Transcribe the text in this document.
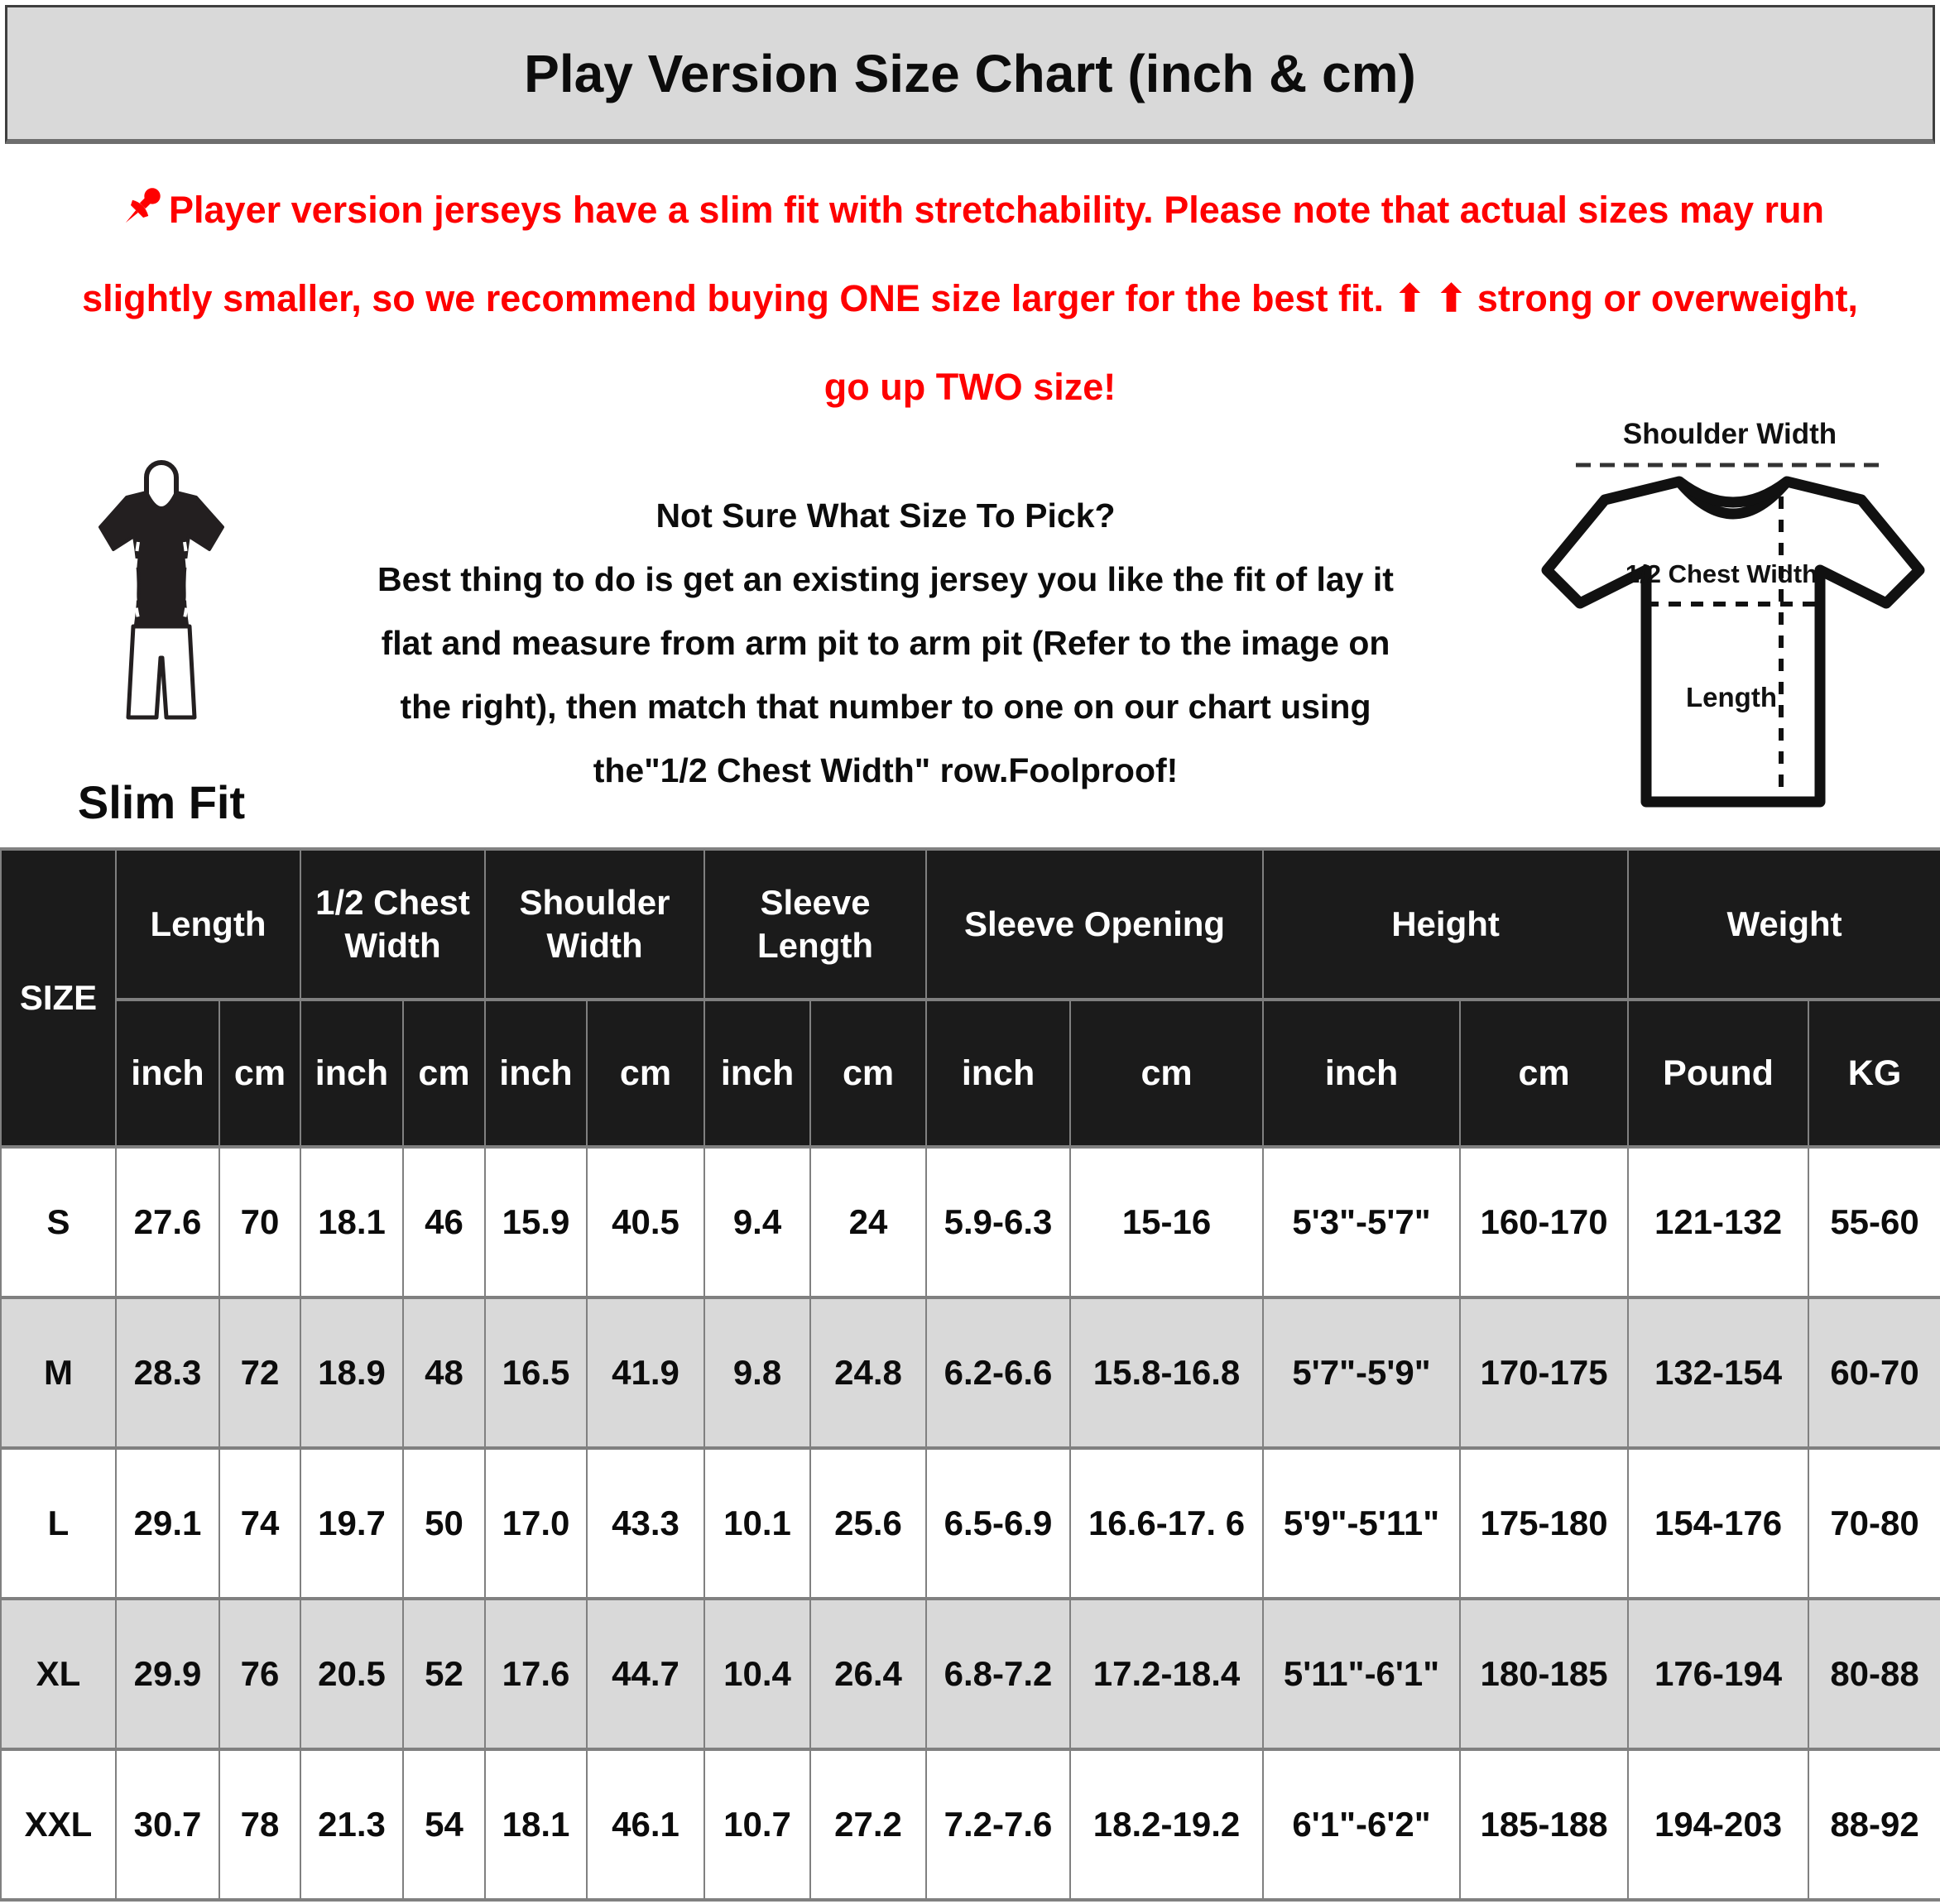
Play Version Size Chart (inch & cm)
Player version jerseys have a slim fit with stretchability. Please note that actual sizes may run
slightly smaller, so we recommend buying ONE size larger for the best fit. ⬆ ⬆ strong or overweight,
go up TWO size!
Slim Fit
Not Sure What Size To Pick?
Best thing to do is get an existing jersey you like the fit of lay it
flat and measure from arm pit to arm pit (Refer to the image on
the right), then match that number to one on our chart using
the"1/2 Chest Width" row.Foolproof!
Shoulder Width
1/2 Chest Width
Length
SIZE	Length		1/2 Chest Width		Shoulder Width		Sleeve Length		Sleeve Opening		Height		Weight	
	inch	cm	inch	cm	inch	cm	inch	cm	inch	cm	inch	cm	Pound	KG
S	27.6	70	18.1	46	15.9	40.5	9.4	24	5.9-6.3	15-16	5'3"-5'7"	160-170	121-132	55-60
M	28.3	72	18.9	48	16.5	41.9	9.8	24.8	6.2-6.6	15.8-16.8	5'7"-5'9"	170-175	132-154	60-70
L	29.1	74	19.7	50	17.0	43.3	10.1	25.6	6.5-6.9	16.6-17. 6	5'9"-5'11"	175-180	154-176	70-80
XL	29.9	76	20.5	52	17.6	44.7	10.4	26.4	6.8-7.2	17.2-18.4	5'11"-6'1"	180-185	176-194	80-88
XXL	30.7	78	21.3	54	18.1	46.1	10.7	27.2	7.2-7.6	18.2-19.2	6'1"-6'2"	185-188	194-203	88-92
